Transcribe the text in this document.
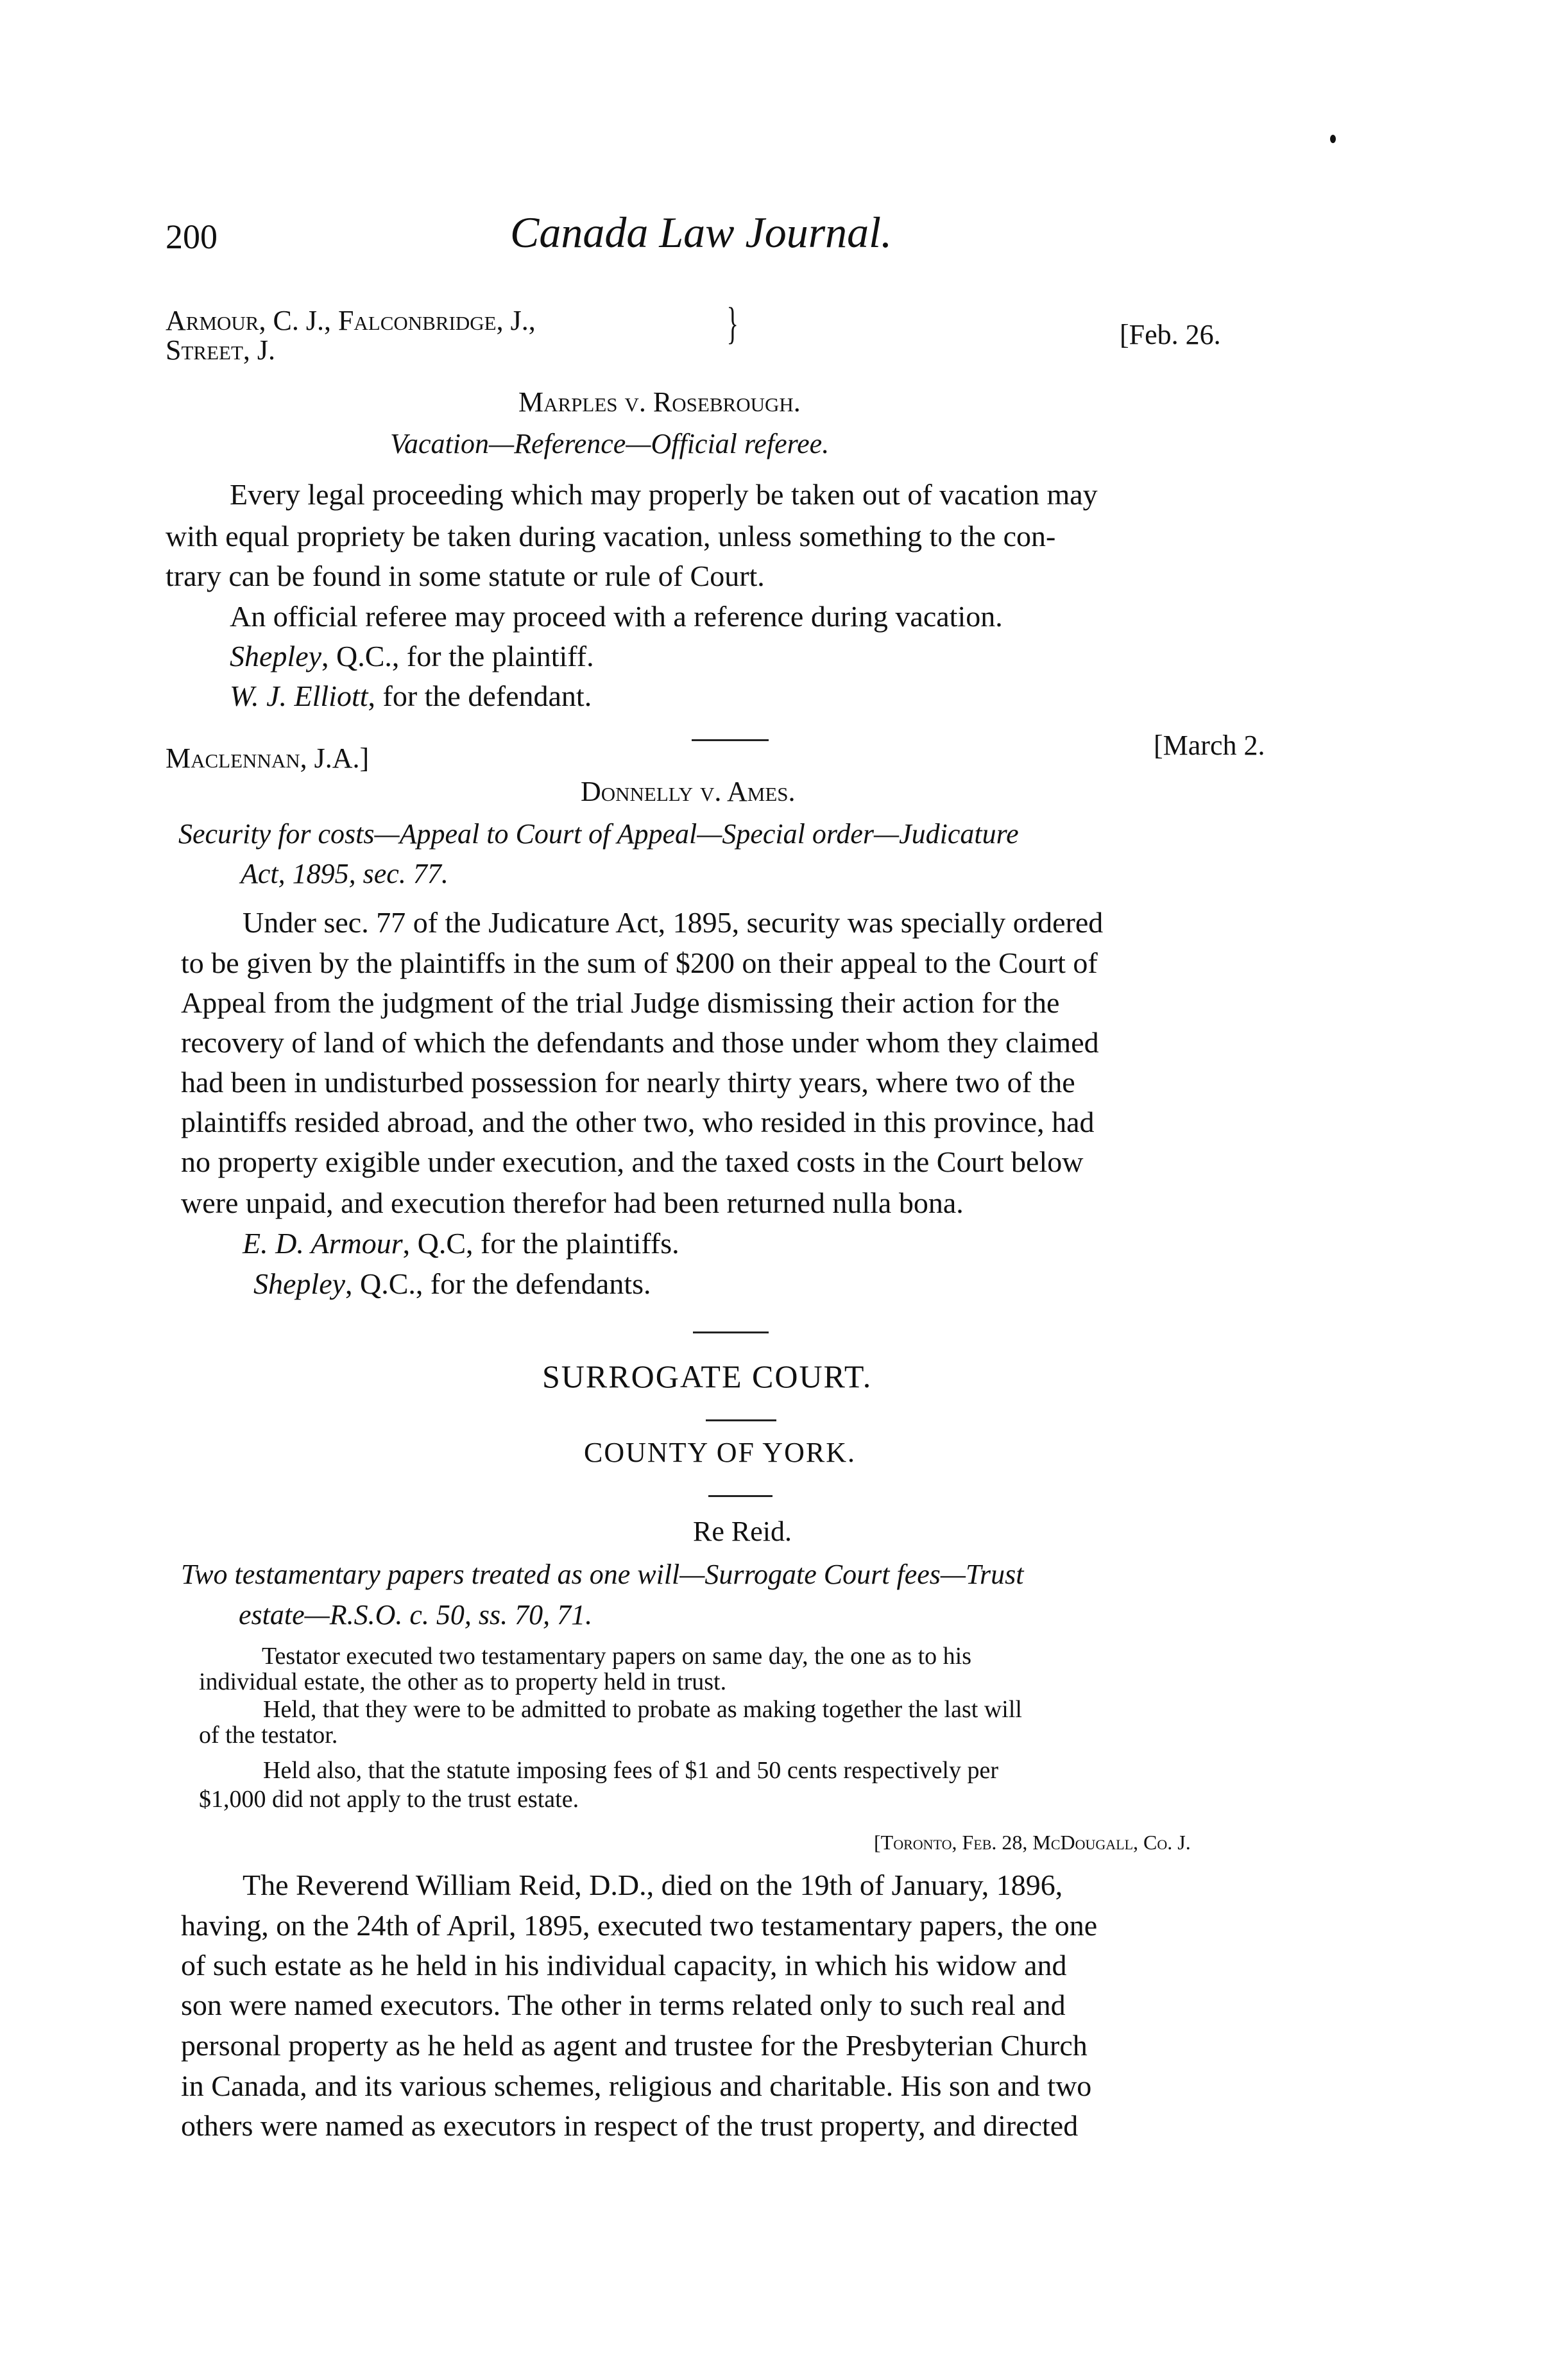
200	Canada Law Journal.
Armour, C. J., Falconbridge, J.,	}
Street, J.	[Feb. 26.
Marples v. Rosebrough.
Vacation—Reference—Official referee.
Every legal proceeding which may properly be taken out of vacation may
with equal propriety be taken during vacation, unless something to the con-
trary can be found in some statute or rule of Court.
An official referee may proceed with a reference during vacation.
Shepley, Q.C., for the plaintiff.
W. J. Elliott, for the defendant.
Maclennan, J.A.]	[March 2.
Donnelly v. Ames.
Security for costs—Appeal to Court of Appeal—Special order—Judicature
Act, 1895, sec. 77.
Under sec. 77 of the Judicature Act, 1895, security was specially ordered
to be given by the plaintiffs in the sum of $200 on their appeal to the Court of
Appeal from the judgment of the trial Judge dismissing their action for the
recovery of land of which the defendants and those under whom they claimed
had been in undisturbed possession for nearly thirty years, where two of the
plaintiffs resided abroad, and the other two, who resided in this province, had
no property exigible under execution, and the taxed costs in the Court below
were unpaid, and execution therefor had been returned nulla bona.
E. D. Armour, Q.C, for the plaintiffs.
Shepley, Q.C., for the defendants.
SURROGATE COURT.
COUNTY OF YORK.
Re Reid.
Two testamentary papers treated as one will—Surrogate Court fees—Trust
estate—R.S.O. c. 50, ss. 70, 71.
Testator executed two testamentary papers on same day, the one as to his
individual estate, the other as to property held in trust.
Held, that they were to be admitted to probate as making together the last will
of the testator.
Held also, that the statute imposing fees of $1 and 50 cents respectively per
$1,000 did not apply to the trust estate.
[Toronto, Feb. 28, McDougall, Co. J.
The Reverend William Reid, D.D., died on the 19th of January, 1896,
having, on the 24th of April, 1895, executed two testamentary papers, the one
of such estate as he held in his individual capacity, in which his widow and
son were named executors. The other in terms related only to such real and
personal property as he held as agent and trustee for the Presbyterian Church
in Canada, and its various schemes, religious and charitable. His son and two
others were named as executors in respect of the trust property, and directed
